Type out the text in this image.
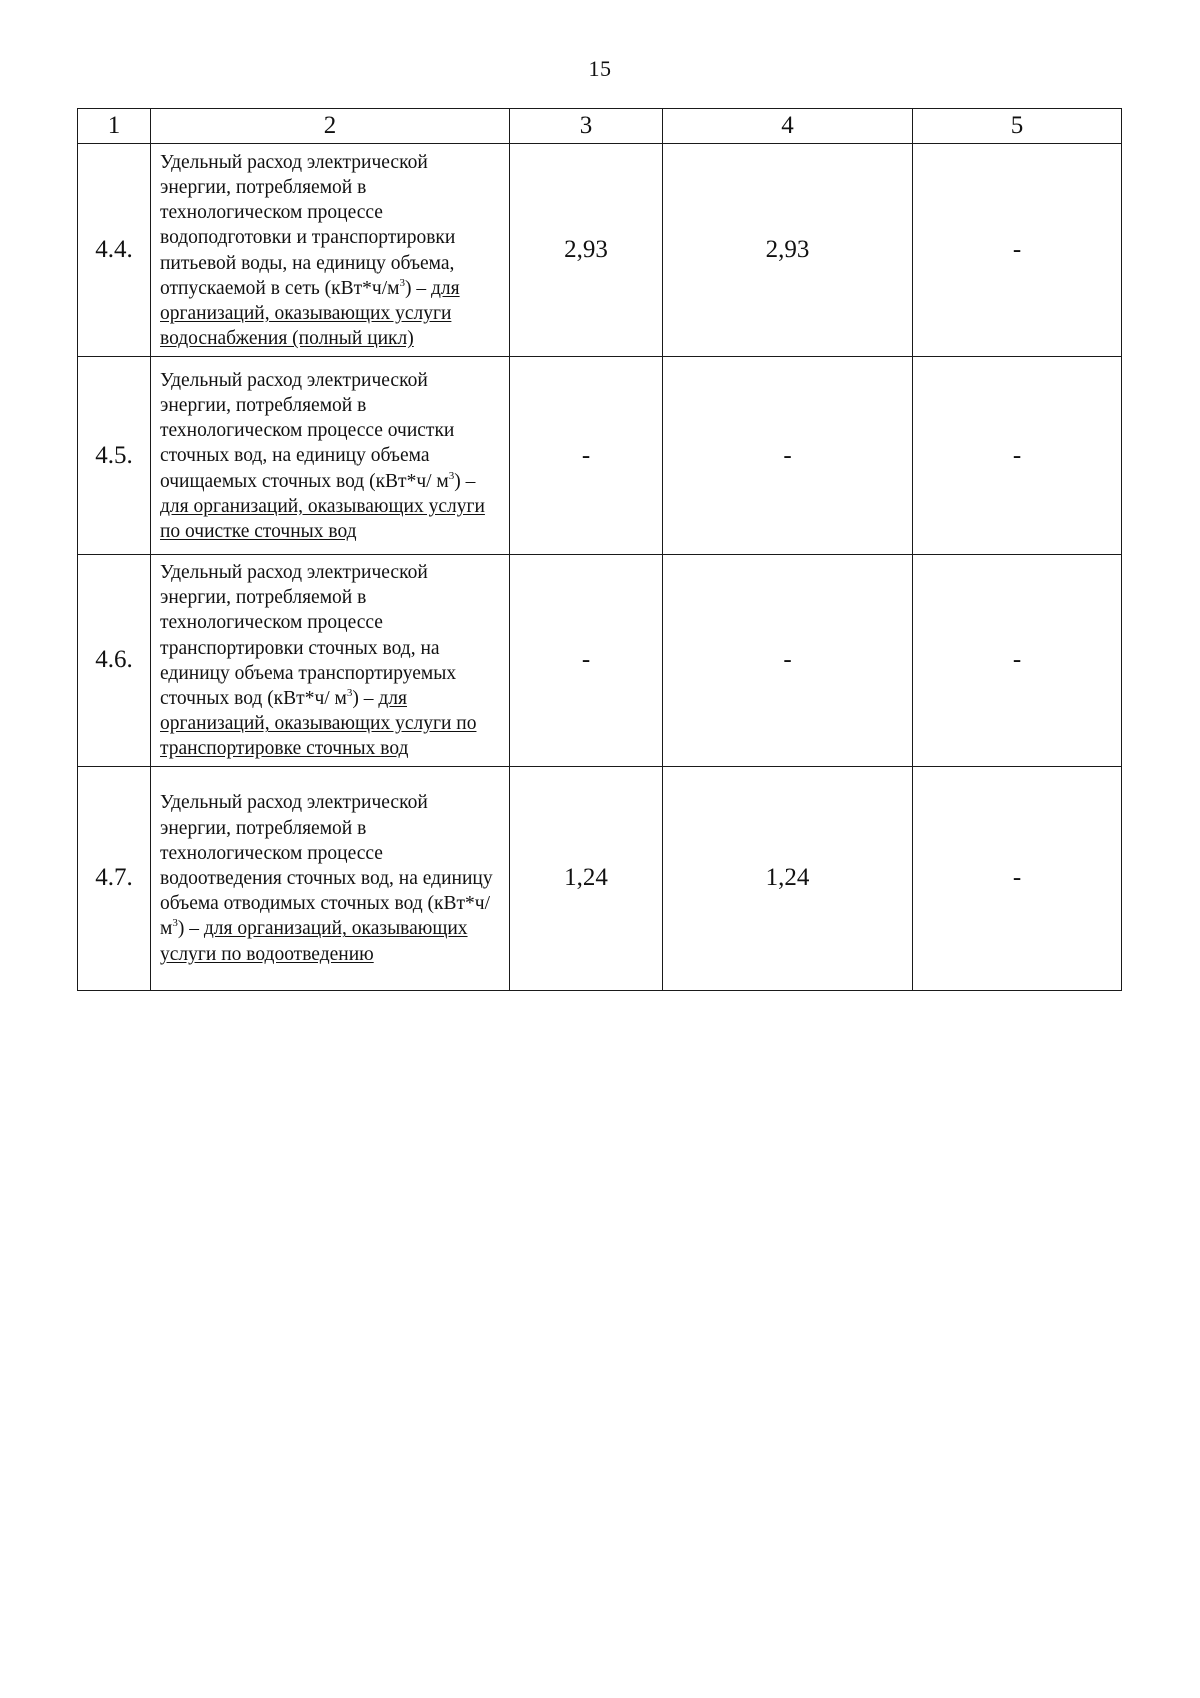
15
1	2	3	4	5
4.4.	Удельный расход электрической энергии, потребляемой в технологическом процессе водоподготовки и транспортировки питьевой воды, на единицу объема, отпускаемой в сеть $(кВт*ч/м^3)$ – для организаций, оказывающих услуги водоснабжения (полный цикл)	2,93	2,93	-
4.5.	Удельный расход электрической энергии, потребляемой в технологическом процессе очистки сточных вод, на единицу объема очищаемых сточных вод (кВт*ч/ $м^3$) – для организаций, оказывающих услуги по очистке сточных вод	-	-	-
4.6.	Удельный расход электрической энергии, потребляемой в технологическом процессе транспортировки сточных вод, на единицу объема транспортируемых сточных вод (кВт*ч/ $м^3$) – для организаций, оказывающих услуги по транспортировке сточных вод	-	-	-
4.7.	Удельный расход электрической энергии, потребляемой в технологическом процессе водоотведения сточных вод, на единицу объема отводимых сточных вод (кВт*ч/ $м^3$) – для организаций, оказывающих услуги по водоотведению	1,24	1,24	-
